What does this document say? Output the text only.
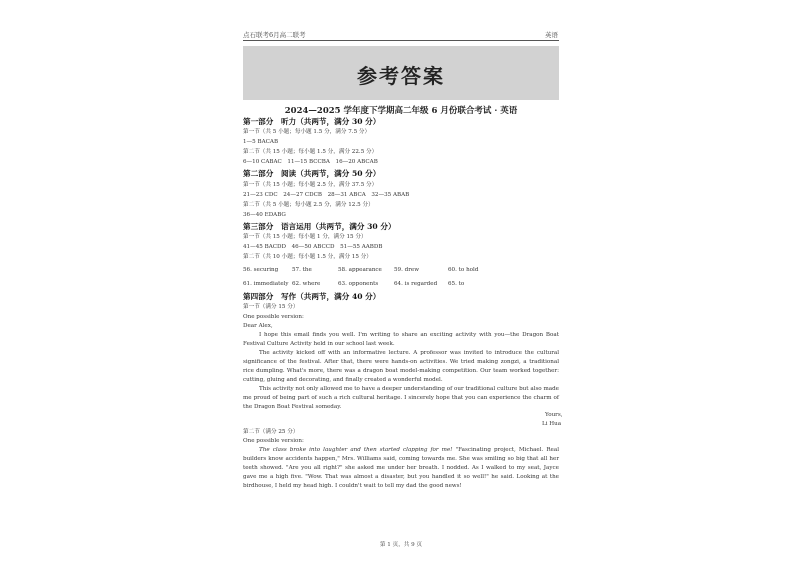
点石联考6月高二联考	英语
参考答案
2024—2025 学年度下学期高二年级 6 月份联合考试 · 英语
第一部分　听力（共两节，满分 30 分）
第一节（共 5 小题；每小题 1.5 分，满分 7.5 分）
1—5 BACAB
第二节（共 15 小题；每小题 1.5 分，满分 22.5 分）
6—10 CABAC　11—15 BCCBA　16—20 ABCAB
第二部分　阅读（共两节，满分 50 分）
第一节（共 15 小题；每小题 2.5 分，满分 37.5 分）
21—23 CDC　24—27 CDCB　28—31 ABCA　32—35 ABAB
第二节（共 5 小题；每小题 2.5 分，满分 12.5 分）
36—40 EDABG
第三部分　语言运用（共两节，满分 30 分）
第一节（共 15 小题；每小题 1 分，满分 15 分）
41—45 BACDD　46—50 ABCCD　51—55 AABDB
第二节（共 10 小题；每小题 1.5 分，满分 15 分）
56. securing 57. the	58. appearance 59. drew	60. to hold
61. immediately 62. where	63. opponents	64. is regarded 65. to
第四部分　写作（共两节，满分 40 分）
第一节（满分 15 分）
One possible version:
Dear Alex,
I hope this email finds you well. I'm writing to share an exciting activity with you—the Dragon Boat Festival Culture Activity held in our school last week.
The activity kicked off with an informative lecture. A professor was invited to introduce the cultural significance of the festival. After that, there were hands-on activities. We tried making zongzi, a traditional rice dumpling. What's more, there was a dragon boat model-making competition. Our team worked together: cutting, gluing and decorating, and finally created a wonderful model.
This activity not only allowed me to have a deeper understanding of our traditional culture but also made me proud of being part of such a rich cultural heritage. I sincerely hope that you can experience the charm of the Dragon Boat Festival someday.
Yours,
Li Hua
第二节（满分 25 分）
One possible version:
The class broke into laughter and then started clapping for me! "Fascinating project, Michael. Real builders know accidents happen," Mrs. Williams said, coming towards me. She was smiling so big that all her teeth showed. "Are you all right?" she asked me under her breath. I nodded. As I walked to my seat, Jayce gave me a high five. "Wow. That was almost a disaster, but you handled it so well!" he said. Looking at the birdhouse, I held my head high. I couldn't wait to tell my dad the good news!
第 1 页，共 9 页
